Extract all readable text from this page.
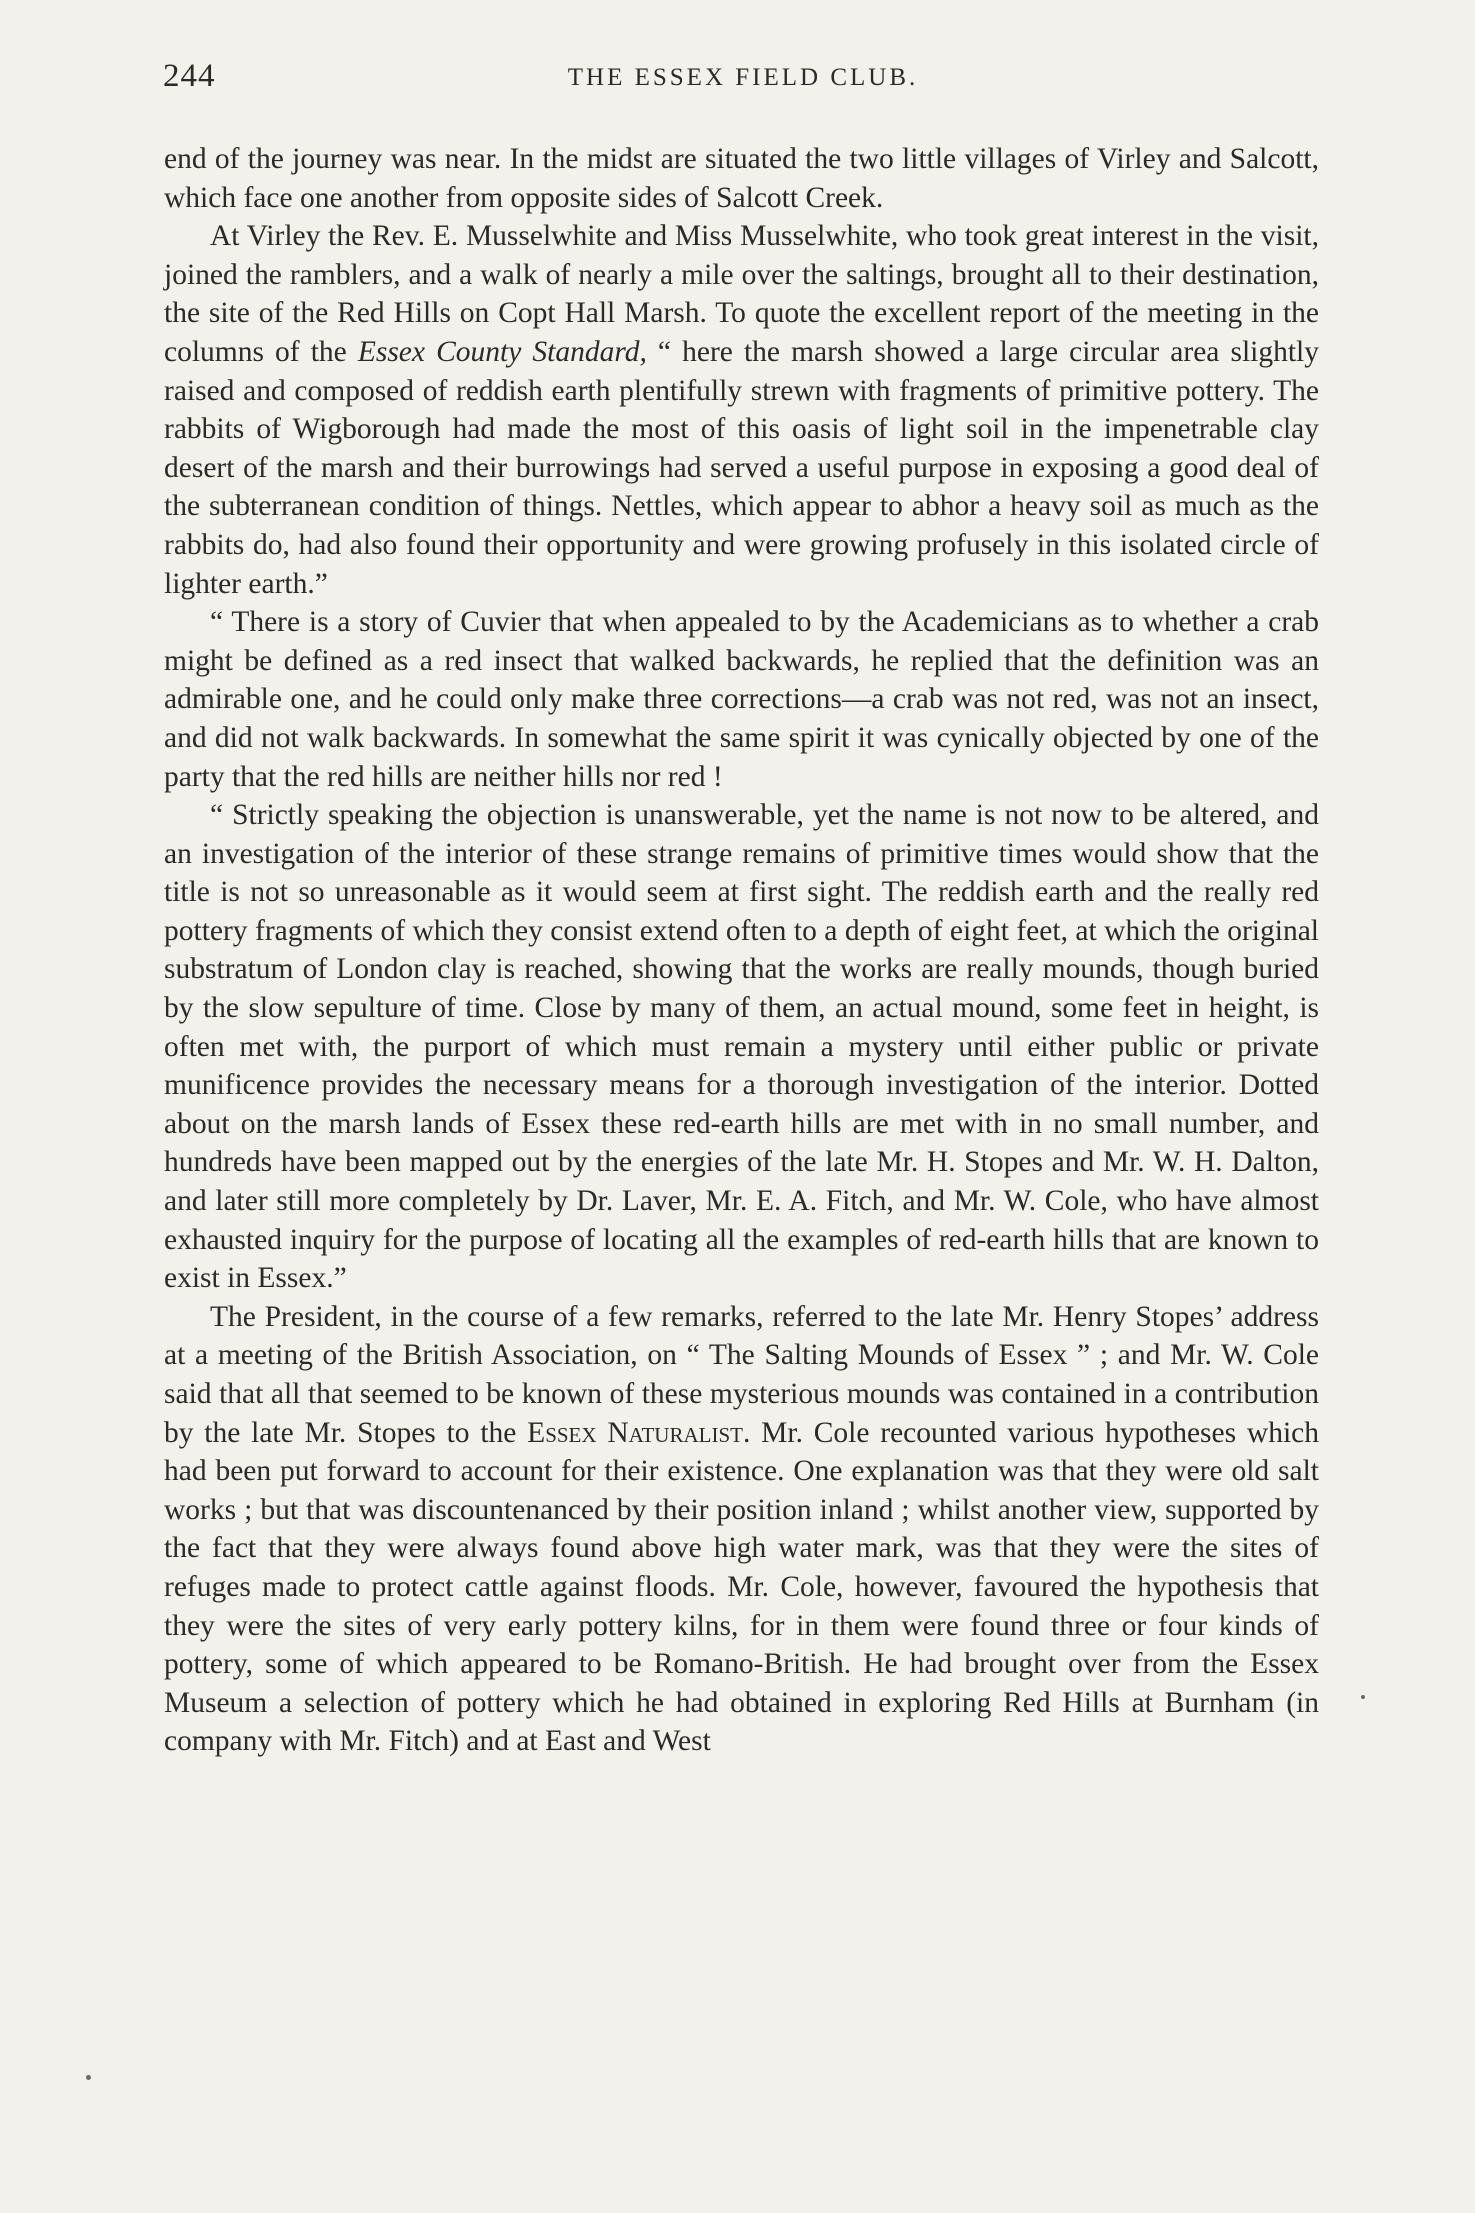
244	THE ESSEX FIELD CLUB.

end of the journey was near. In the midst are situated the two little villages of Virley and Salcott, which face one another from opposite sides of Salcott Creek.

At Virley the Rev. E. Musselwhite and Miss Musselwhite, who took great interest in the visit, joined the ramblers, and a walk of nearly a mile over the saltings, brought all to their destination, the site of the Red Hills on Copt Hall Marsh. To quote the excellent report of the meeting in the columns of the Essex County Standard, “ here the marsh showed a large circular area slightly raised and composed of reddish earth plentifully strewn with fragments of primitive pottery. The rabbits of Wigborough had made the most of this oasis of light soil in the impenetrable clay desert of the marsh and their burrowings had served a useful purpose in exposing a good deal of the subterranean condition of things. Nettles, which appear to abhor a heavy soil as much as the rabbits do, had also found their opportunity and were growing profusely in this isolated circle of lighter earth.”

“ There is a story of Cuvier that when appealed to by the Academicians as to whether a crab might be defined as a red insect that walked backwards, he replied that the definition was an admirable one, and he could only make three corrections—a crab was not red, was not an insect, and did not walk backwards. In somewhat the same spirit it was cynically objected by one of the party that the red hills are neither hills nor red !

“ Strictly speaking the objection is unanswerable, yet the name is not now to be altered, and an investigation of the interior of these strange remains of primitive times would show that the title is not so unreasonable as it would seem at first sight. The reddish earth and the really red pottery fragments of which they consist extend often to a depth of eight feet, at which the original substratum of London clay is reached, showing that the works are really mounds, though buried by the slow sepulture of time. Close by many of them, an actual mound, some feet in height, is often met with, the purport of which must remain a mystery until either public or private munificence provides the necessary means for a thorough investigation of the interior. Dotted about on the marsh lands of Essex these red-earth hills are met with in no small number, and hundreds have been mapped out by the energies of the late Mr. H. Stopes and Mr. W. H. Dalton, and later still more completely by Dr. Laver, Mr. E. A. Fitch, and Mr. W. Cole, who have almost exhausted inquiry for the purpose of locating all the examples of red-earth hills that are known to exist in Essex.”

The President, in the course of a few remarks, referred to the late Mr. Henry Stopes’ address at a meeting of the British Association, on “ The Salting Mounds of Essex ” ; and Mr. W. Cole said that all that seemed to be known of these mysterious mounds was contained in a contribution by the late Mr. Stopes to the Essex Naturalist. Mr. Cole recounted various hypotheses which had been put forward to account for their existence. One explanation was that they were old salt works ; but that was discountenanced by their position inland ; whilst another view, supported by the fact that they were always found above high water mark, was that they were the sites of refuges made to protect cattle against floods. Mr. Cole, however, favoured the hypothesis that they were the sites of very early pottery kilns, for in them were found three or four kinds of pottery, some of which appeared to be Romano-British. He had brought over from the Essex Museum a selection of pottery which he had obtained in exploring Red Hills at Burnham (in company with Mr. Fitch) and at East and West
